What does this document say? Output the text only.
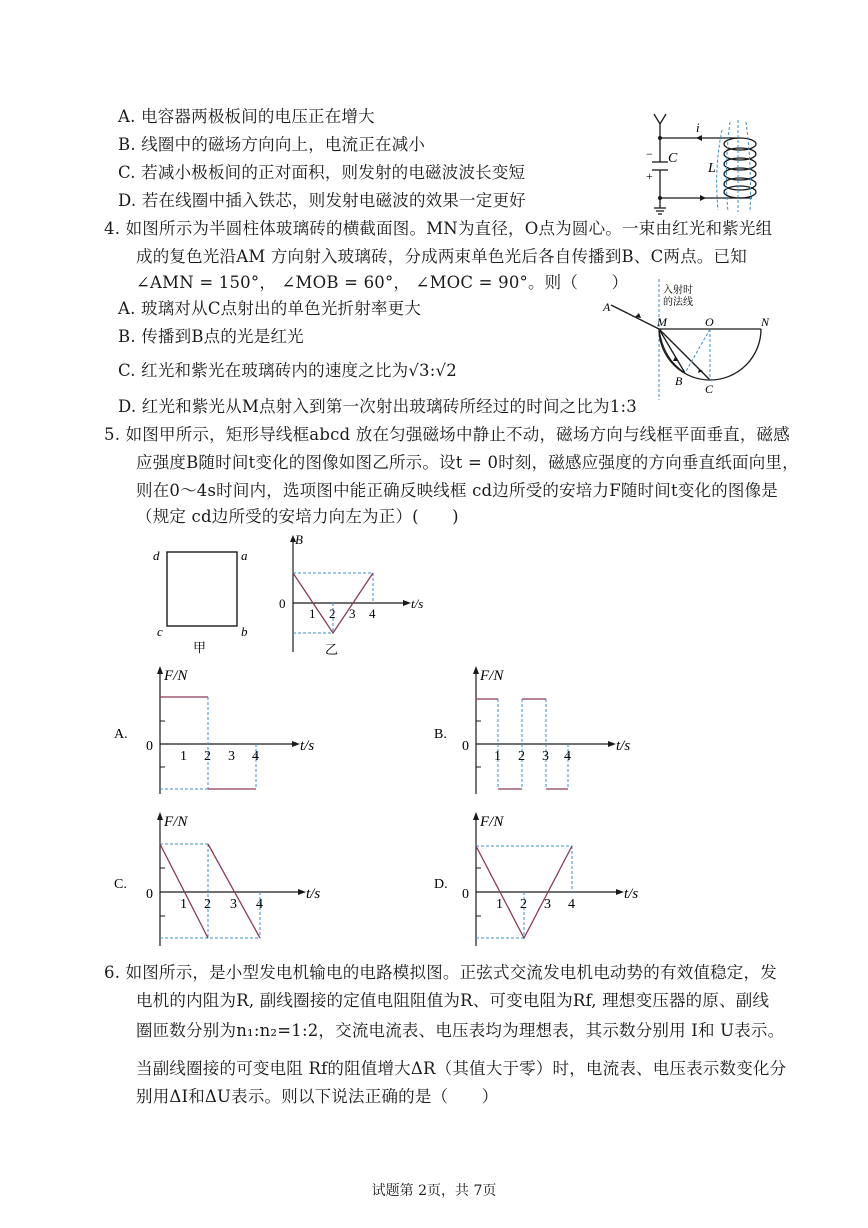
A. 电容器两极板间的电压正在增大
B. 线圈中的磁场方向向上，电流正在减小
C. 若减小极板间的正对面积，则发射的电磁波波长变短
D. 若在线圈中插入铁芯，则发射电磁波的效果一定更好
i
C
L
−
+
4. 如图所示为半圆柱体玻璃砖的横截面图。MN为直径，O点为圆心。一束由红光和紫光组
成的复色光沿AM 方向射入玻璃砖，分成两束单色光后各自传播到B、C两点。已知
∠AMN = 150°， ∠MOB = 60°， ∠MOC = 90°。则（　　）
A. 玻璃对从C点射出的单色光折射率更大
B. 传播到B点的光是红光
C. 红光和紫光在玻璃砖内的速度之比为√3:√2
D. 红光和紫光从M点射入到第一次射出玻璃砖所经过的时间之比为1:3
入射时
的法线
A
M	O	N
B
C
5. 如图甲所示，矩形导线框abcd 放在匀强磁场中静止不动，磁场方向与线框平面垂直，磁感
应强度B随时间t变化的图像如图乙所示。设t = 0时刻，磁感应强度的方向垂直纸面向里，
则在0～4s时间内，选项图中能正确反映线框 cd边所受的安培力F随时间t变化的图像是
（规定 cd边所受的安培力向左为正）(　　)
d	a
c	b
甲
B
0
1 2 3 4
t/s
乙
A.
F/N
0
1 2 3 4
t/s
B.
F/N
0
1 2 3 4
t/s
C.
F/N
0
1 2 3 4
t/s
D.
F/N
0
1 2 3 4
t/s
6. 如图所示，是小型发电机输电的电路模拟图。正弦式交流发电机电动势的有效值稳定，发
电机的内阻为R, 副线圈接的定值电阻阻值为R、可变电阻为Rf, 理想变压器的原、副线
圈匝数分别为n₁:n₂=1:2，交流电流表、电压表均为理想表，其示数分别用 I和 U表示。
当副线圈接的可变电阻 Rf的阻值增大ΔR（其值大于零）时，电流表、电压表示数变化分
别用ΔI和ΔU表示。则以下说法正确的是（　　）
试题第 2页，共 7页
